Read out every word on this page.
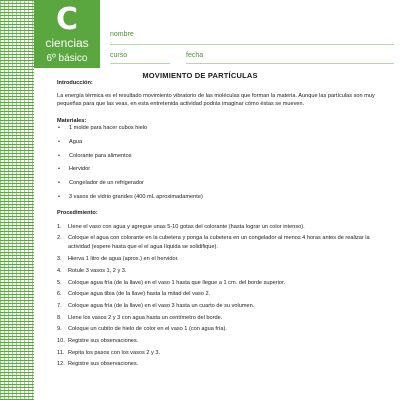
C
ciencias
6º básico
nombre
curso	fecha
MOVIMIENTO DE PARTÍCULAS

Introducción:

La energía térmica es el resultado movimiento vibratorio de las moléculas que forman la materia. Aunque las partículas son muy pequeñas para que las veas, en esta entretenida actividad podrás imaginar cómo éstas se mueven.

Materiales:

• 1 molde para hacer cubos hielo
• Agua
• Colorante para alimentos
• Hervidor
• Congelador de un refrigerador
• 3 vasos de vidrio grandes (400 mL aproximadamente)

Procedimiento:

1. Llene el vaso con agua y agregue unas 5-10 gotas del colorante (hasta lograr un color intenso).
2. Coloque el agua con colorante en la cubetera y ponga la cubetera en un congelador al menos 4 horas antes de realizar la actividad (espere hasta que el el agua líquida se solidifique).
3. Hierva 1 litro de agua (aprox.) en el hervidor.
4. Rotule 3 vasos 1, 2 y 3.
5. Coloque agua fría (de la llave) en el vaso 1 hasta que llegue a 1 cm. del borde superior.
6. Coloque agua tibia (de la llave) hasta la mitad del vaso 2.
7. Coloque agua fría (de la llave) en el vaso 3 hasta un cuarto de su volumen.
8. Llene los vasos 2 y 3 con agua hasta un centímetro del borde.
9. Coloque un cubito de hielo de color en el vaso 1 (con agua fría).
10. Registre sus observaciones.
11. Repita los pasos con los vasos 2 y 3.
12. Registre sus observaciones.
